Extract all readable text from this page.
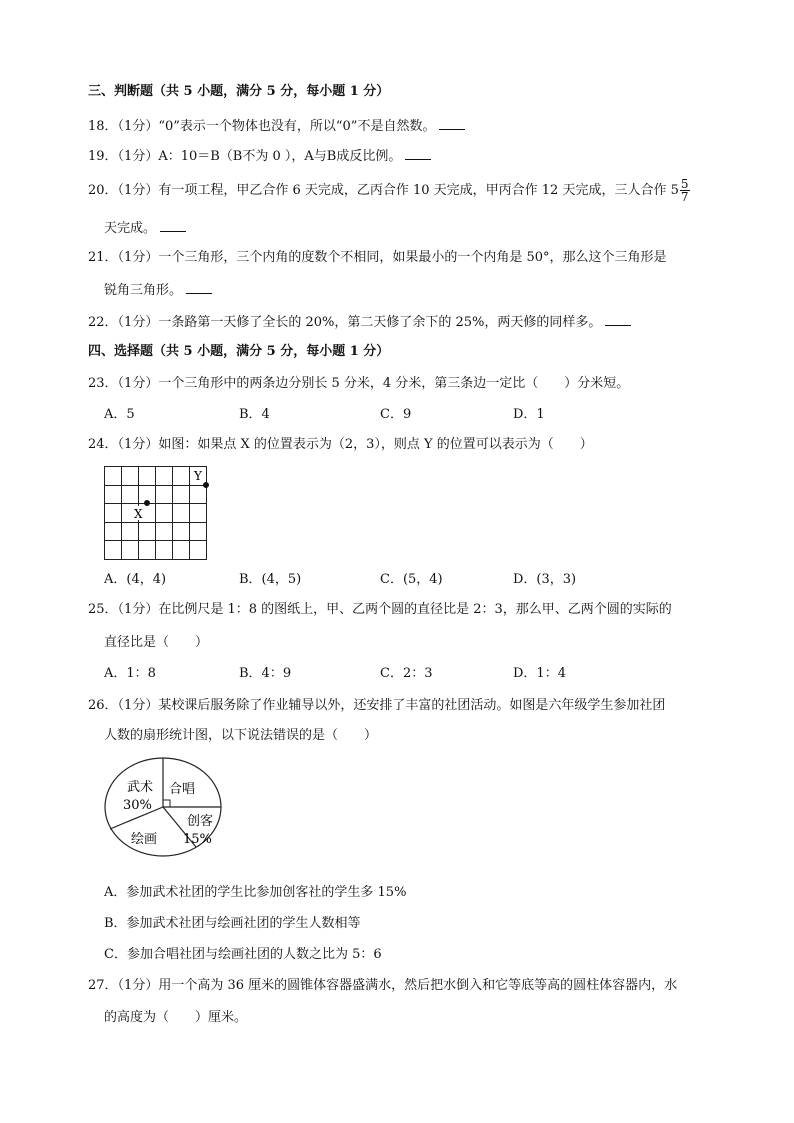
三、判断题（共 5 小题，满分 5 分，每小题 1 分）
18．（1分）“0”表示一个物体也没有，所以“0”不是自然数。
19．（1分）A：10＝B（B不为 0 ），A与B成反比例。
20．（1分）有一项工程，甲乙合作 6 天完成，乙丙合作 10 天完成，甲丙合作 12 天完成，三人合作 $5 \frac{5}{7}$
天完成。
21．（1分）一个三角形，三个内角的度数个不相同，如果最小的一个内角是 50°，那么这个三角形是
锐角三角形。
22．（1分）一条路第一天修了全长的 20%，第二天修了余下的 25%，两天修的同样多。
四、选择题（共 5 小题，满分 5 分，每小题 1 分）
23．（1分）一个三角形中的两条边分别长 5 分米，4 分米，第三条边一定比（　　）分米短。
A．5	B．4	C．9	D．1
24．（1分）如图：如果点 X 的位置表示为（2，3），则点 Y 的位置可以表示为（　　）
X
Y
A．(4，4)	B．(4，5)	C．(5，4)	D．(3，3)
25．（1分）在比例尺是 1：8 的图纸上，甲、乙两个圆的直径比是 2：3，那么甲、乙两个圆的实际的
直径比是（　　）
A．1：8	B．4：9	C．2：3	D．1：4
26．（1分）某校课后服务除了作业辅导以外，还安排了丰富的社团活动。如图是六年级学生参加社团
人数的扇形统计图，以下说法错误的是（　　）
武术
30%
合唱
创客
15%
绘画
A．参加武术社团的学生比参加创客社的学生多 15%
B．参加武术社团与绘画社团的学生人数相等
C．参加合唱社团与绘画社团的人数之比为 5：6
27．（1分）用一个高为 36 厘米的圆锥体容器盛满水，然后把水倒入和它等底等高的圆柱体容器内，水
的高度为（　　）厘米。
